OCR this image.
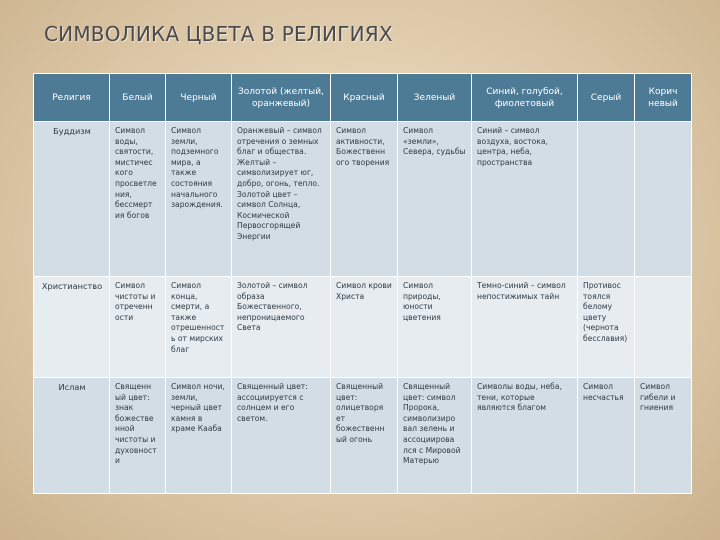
СИМВОЛИКА ЦВЕТА В РЕЛИГИЯХ
Религия	Белый	Черный	Золотой (желтый, оранжевый)	Красный	Зеленый	Синий, голубой, фиолетовый	Серый	Корич невый
Буддизм	Символ воды, святости, мистичес кого просветле ния, бессмерт ия богов	Символ земли, подземного мира, а также состояния начального зарождения.	Оранжевый – символ отречения о земных благ и общества. Желтый – символизирует юг, добро, огонь, тепло. Золотой цвет – символ Солнца, Космической Первосгорящей Энергии	Символ активности, Божественн ого творения	Символ «земли», Севера, судьбы	Синий – символ воздуха, востока, центра, неба, пространства		
Христианство	Символ чистоты и отреченн ости	Символ конца, смерти, а также отрешенност ь от мирских благ	Золотой – символ образа Божественного, непроницаемого Света	Символ крови Христа	Символ природы, юности цветения	Темно-синий – символ непостижимых тайн	Противос тоялся белому цвету (чернота бесславия)	
Ислам	Священн ый цвет: знак божестве нной чистоты и духовност и	Символ ночи, земли, черный цвет камня в храме Кааба	Священный цвет: ассоциируется с солнцем и его светом.	Священный цвет: олицетворя ет божественн ый огонь	Священный цвет: символ Пророка, символизиро вал зелень и ассоциирова лся с Мировой Матерью	Символы воды, неба, тени, которые являются благом	Символ несчастья	Символ гибели и гниения
